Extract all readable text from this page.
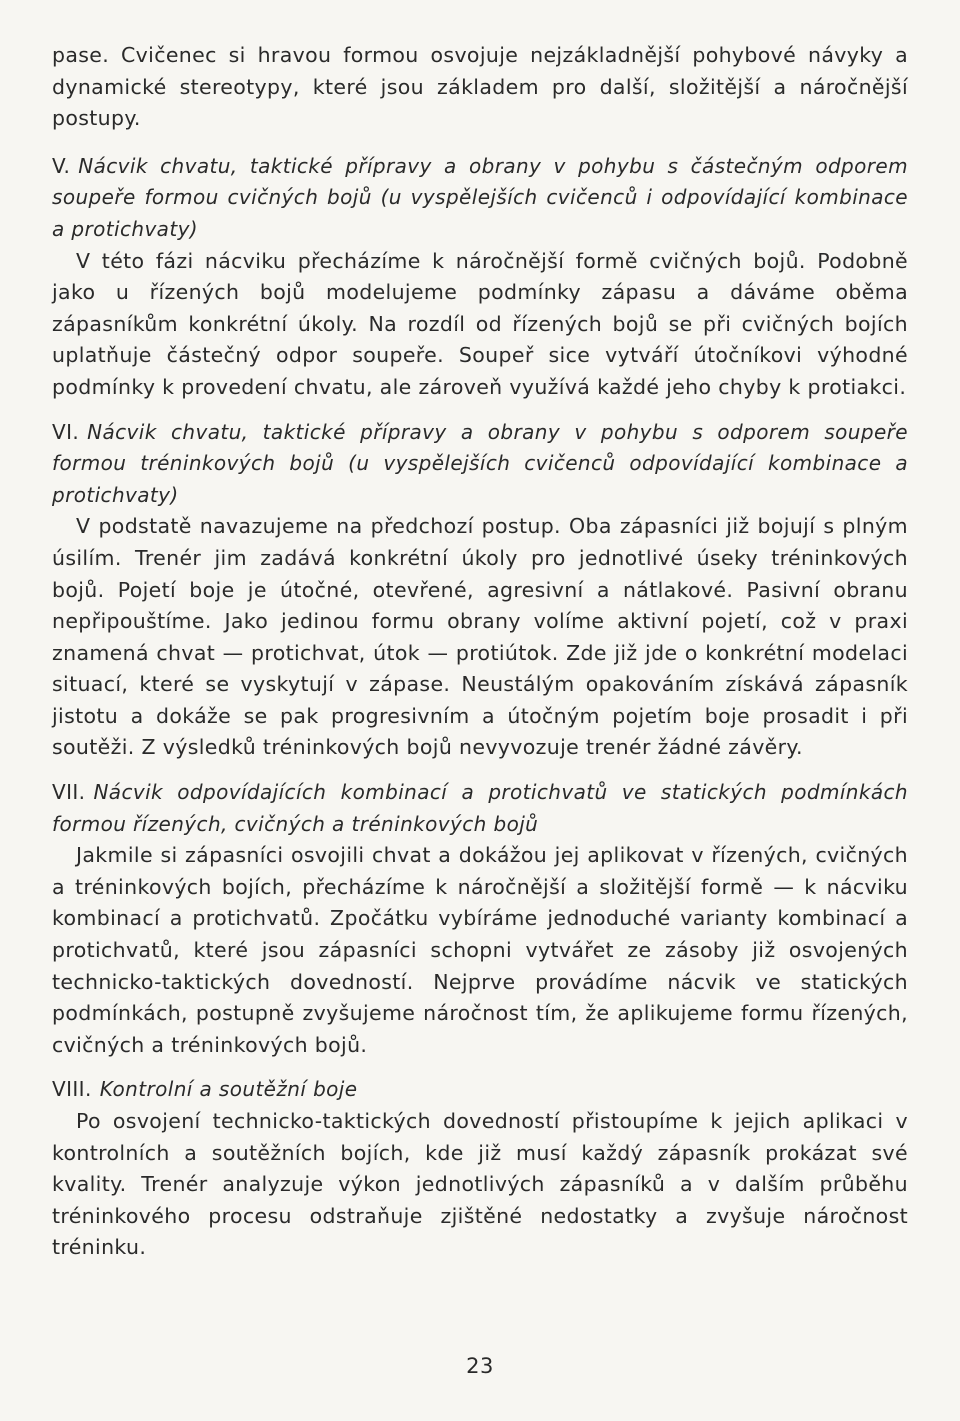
pase. Cvičenec si hravou formou osvojuje nejzákladnější pohybové návyky a dynamické stereotypy, které jsou základem pro další, složitější a náročnější postupy.

V. Nácvik chvatu, taktické přípravy a obrany v pohybu s částečným odporem soupeře formou cvičných bojů (u vyspělejších cvičenců i odpovídající kombinace a protichvaty)

V této fázi nácviku přecházíme k náročnější formě cvičných bojů. Podobně jako u řízených bojů modelujeme podmínky zápasu a dáváme oběma zápasníkům konkrétní úkoly. Na rozdíl od řízených bojů se při cvičných bojích uplatňuje částečný odpor soupeře. Soupeř sice vytváří útočníkovi výhodné podmínky k provedení chvatu, ale zároveň využívá každé jeho chyby k protiakci.

VI. Nácvik chvatu, taktické přípravy a obrany v pohybu s odporem soupeře formou tréninkových bojů (u vyspělejších cvičenců odpovídající kombinace a protichvaty)

V podstatě navazujeme na předchozí postup. Oba zápasníci již bojují s plným úsilím. Trenér jim zadává konkrétní úkoly pro jednotlivé úseky tréninkových bojů. Pojetí boje je útočné, otevřené, agresivní a nátlakové. Pasivní obranu nepřipouštíme. Jako jedinou formu obrany volíme aktivní pojetí, což v praxi znamená chvat — protichvat, útok — protiútok. Zde již jde o konkrétní modelaci situací, které se vyskytují v zápase. Neustálým opakováním získává zápasník jistotu a dokáže se pak progresivním a útočným pojetím boje prosadit i při soutěži. Z výsledků tréninkových bojů nevyvozuje trenér žádné závěry.

VII. Nácvik odpovídajících kombinací a protichvatů ve statických podmínkách formou řízených, cvičných a tréninkových bojů

Jakmile si zápasníci osvojili chvat a dokážou jej aplikovat v řízených, cvičných a tréninkových bojích, přecházíme k náročnější a složitější formě — k nácviku kombinací a protichvatů. Zpočátku vybíráme jednoduché varianty kombinací a protichvatů, které jsou zápasníci schopni vytvářet ze zásoby již osvojených technicko-taktických dovedností. Nejprve provádíme nácvik ve statických podmínkách, postupně zvyšujeme náročnost tím, že aplikujeme formu řízených, cvičných a tréninkových bojů.

VIII. Kontrolní a soutěžní boje

Po osvojení technicko-taktických dovedností přistoupíme k jejich aplikaci v kontrolních a soutěžních bojích, kde již musí každý zápasník prokázat své kvality. Trenér analyzuje výkon jednotlivých zápasníků a v dalším průběhu tréninkového procesu odstraňuje zjištěné nedostatky a zvyšuje náročnost tréninku.

23
